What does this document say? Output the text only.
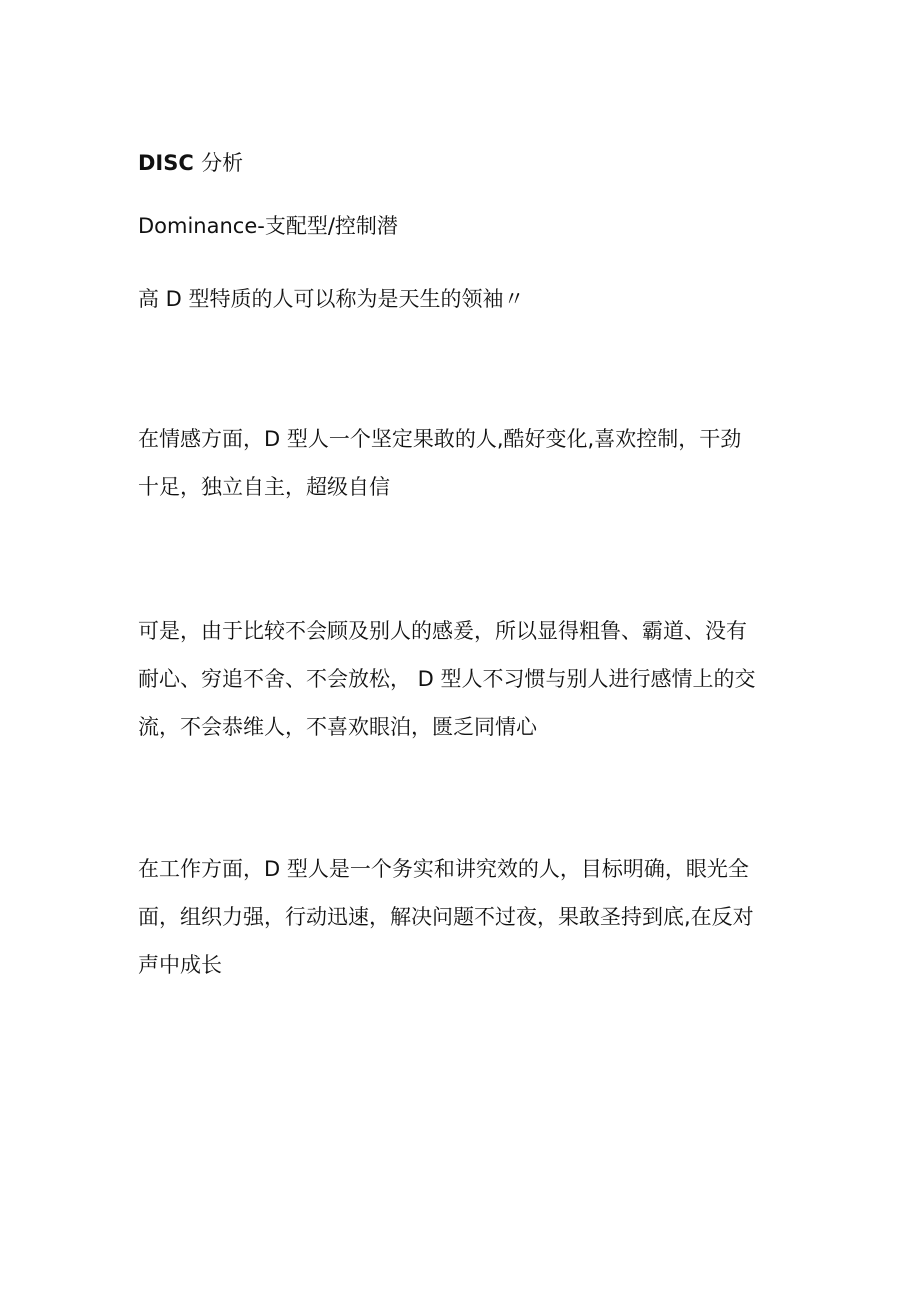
DISC 分析

Dominance-支配型/控制潜

高 D 型特质的人可以称为是天生的领袖〃

在情感方面，D 型人一个坚定果敢的人,酷好变化,喜欢控制，干劲
十足，独立自主，超级自信
可是，由于比较不会顾及别人的感爰，所以显得粗鲁、霸道、没有
耐心、穷追不舍、不会放松， D 型人不习惯与别人进行感情上的交
流，不会恭维人，不喜欢眼泊，匮乏同情心
在工作方面，D 型人是一个务实和讲究效的人，目标明确，眼光全
面，组织力强，行动迅速，解决问题不过夜，果敢圣持到底,在反对
声中成长
